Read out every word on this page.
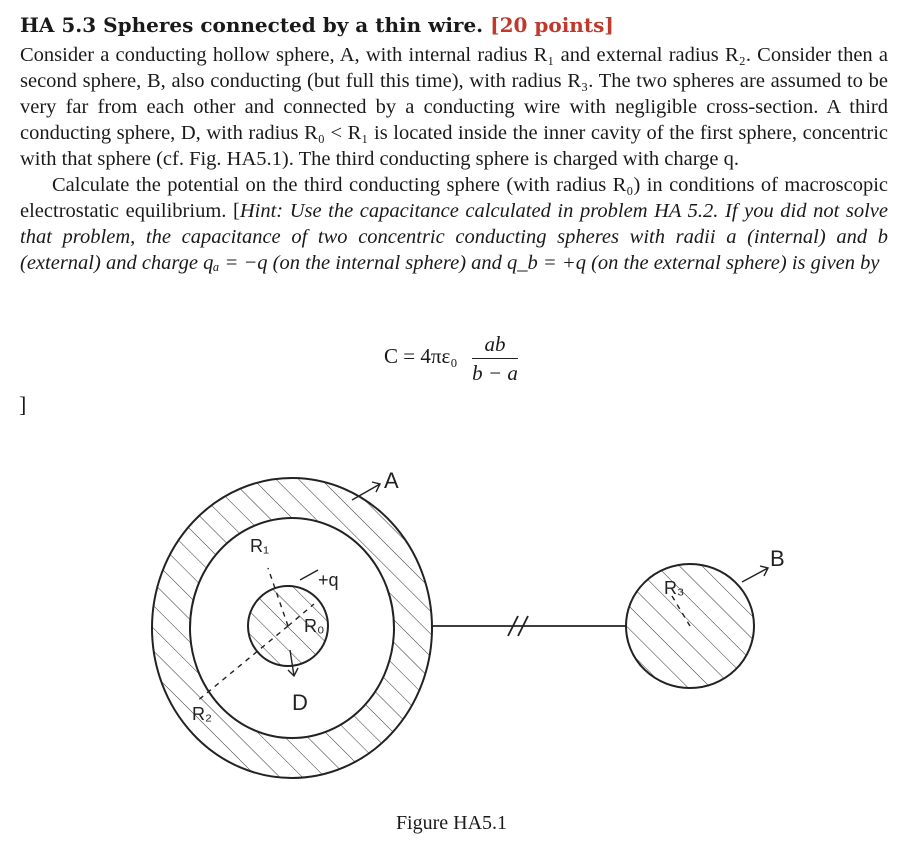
HA 5.3 Spheres connected by a thin wire. [20 points]

Consider a conducting hollow sphere, A, with internal radius R₁ and external radius R₂. Consider then a second sphere, B, also conducting (but full this time), with radius R₃. The two spheres are assumed to be very far from each other and connected by a conducting wire with negligible cross-section. A third conducting sphere, D, with radius R₀ < R₁ is located inside the inner cavity of the first sphere, concentric with that sphere (cf. Fig. HA5.1). The third conducting sphere is charged with charge q.

Calculate the potential on the third conducting sphere (with radius R₀) in conditions of macroscopic electrostatic equilibrium. [Hint: Use the capacitance calculated in problem HA 5.2. If you did not solve that problem, the capacitance of two concentric conducting spheres with radii a (internal) and b (external) and charge qₐ = −q (on the internal sphere) and q_b = +q (on the external sphere) is given by

C = 4πε₀	ab
b − a
]
A
B
D
R₀
R₁
R₂
R₃
+q
Figure HA5.1
